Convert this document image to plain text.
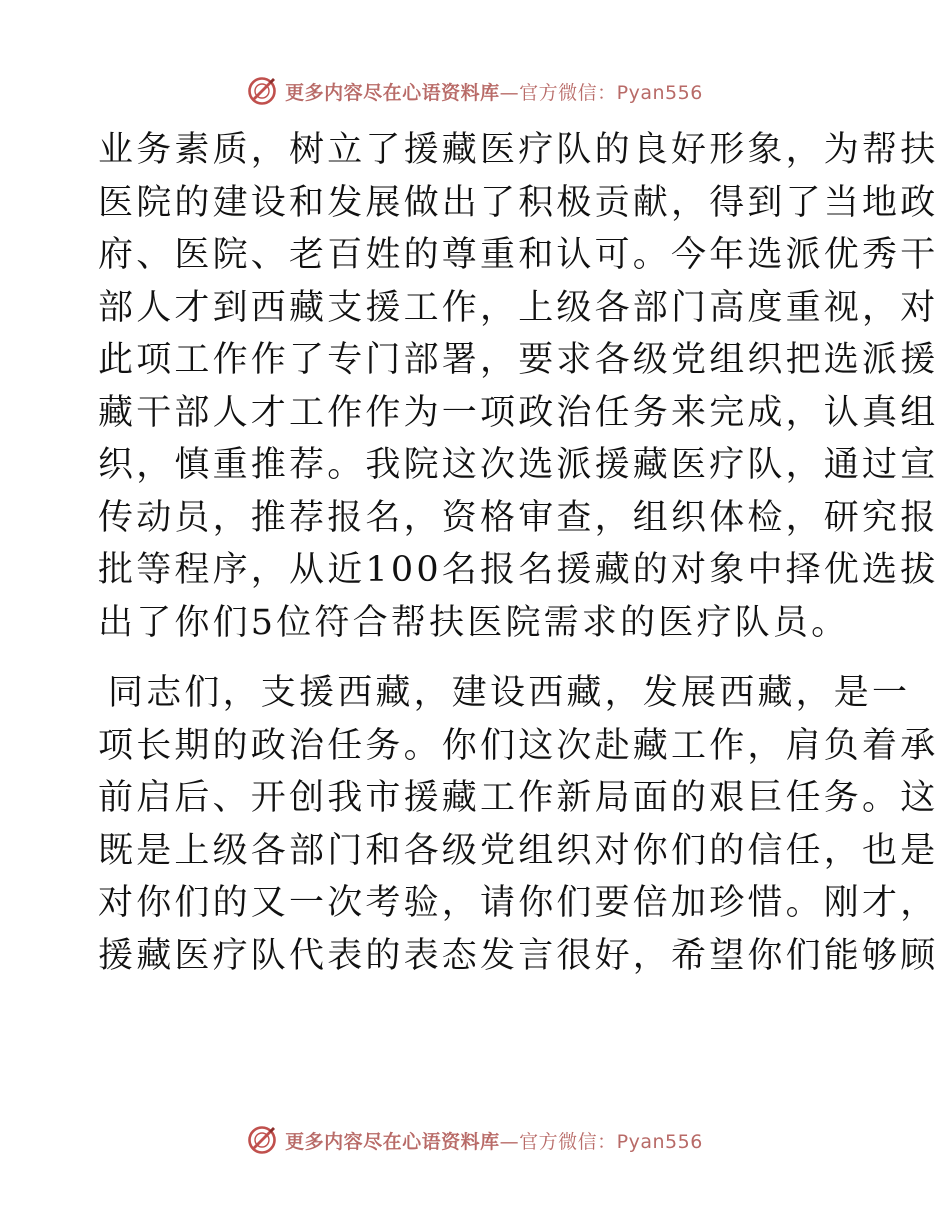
更多内容尽在心语资料库—官方微信：Pyan556

业务素质，树立了援藏医疗队的良好形象，为帮扶
医院的建设和发展做出了积极贡献，得到了当地政
府、医院、老百姓的尊重和认可。今年选派优秀干
部人才到西藏支援工作，上级各部门高度重视，对
此项工作作了专门部署，要求各级党组织把选派援
藏干部人才工作作为一项政治任务来完成，认真组
织，慎重推荐。我院这次选派援藏医疗队，通过宣
传动员，推荐报名，资格审查，组织体检，研究报
批等程序，从近100名报名援藏的对象中择优选拔
出了你们5位符合帮扶医院需求的医疗队员。

同志们，支援西藏，建设西藏，发展西藏，是一
项长期的政治任务。你们这次赴藏工作，肩负着承
前启后、开创我市援藏工作新局面的艰巨任务。这
既是上级各部门和各级党组织对你们的信任，也是
对你们的又一次考验，请你们要倍加珍惜。刚才，
援藏医疗队代表的表态发言很好，希望你们能够顾

更多内容尽在心语资料库—官方微信：Pyan556
